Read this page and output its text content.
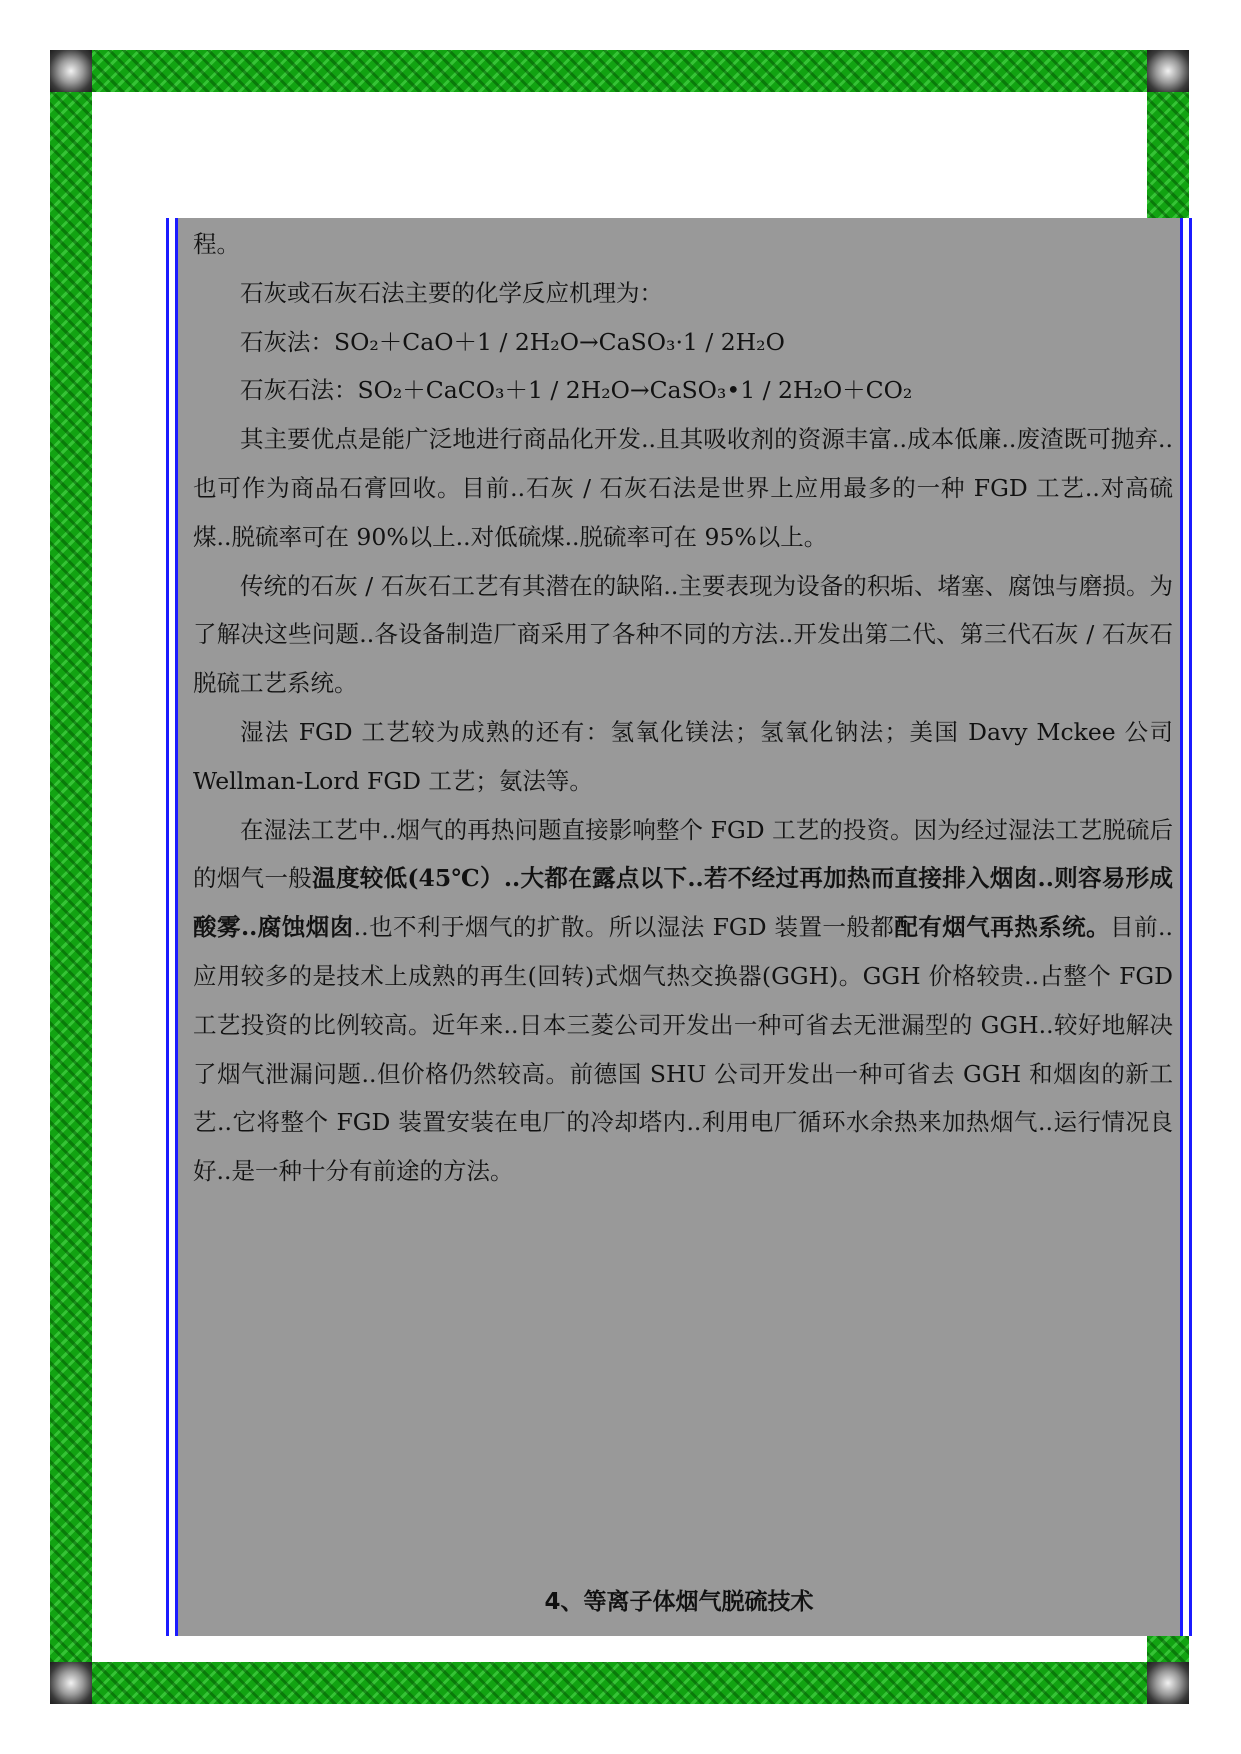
程。

石灰或石灰石法主要的化学反应机理为：

石灰法：SO₂＋CaO＋1 / 2H₂O→CaSO₃·1 / 2H₂O

石灰石法：SO₂＋CaCO₃＋1 / 2H₂O→CaSO₃•1 / 2H₂O＋CO₂

其主要优点是能广泛地进行商品化开发..且其吸收剂的资源丰富..成本低廉..废渣既可抛弃..也可作为商品石膏回收。目前..石灰 / 石灰石法是世界上应用最多的一种 FGD 工艺..对高硫煤..脱硫率可在 90%以上..对低硫煤..脱硫率可在 95%以上。

传统的石灰 / 石灰石工艺有其潜在的缺陷..主要表现为设备的积垢、堵塞、腐蚀与磨损。为了解决这些问题..各设备制造厂商采用了各种不同的方法..开发出第二代、第三代石灰 / 石灰石脱硫工艺系统。

湿法 FGD 工艺较为成熟的还有：氢氧化镁法；氢氧化钠法；美国 Davy Mckee 公司 Wellman-Lord FGD 工艺；氨法等。

在湿法工艺中..烟气的再热问题直接影响整个 FGD 工艺的投资。因为经过湿法工艺脱硫后的烟气一般温度较低(45℃）..大都在露点以下..若不经过再加热而直接排入烟囱..则容易形成酸雾..腐蚀烟囱..也不利于烟气的扩散。所以湿法 FGD 装置一般都配有烟气再热系统。目前..应用较多的是技术上成熟的再生(回转)式烟气热交换器(GGH)。GGH 价格较贵..占整个 FGD 工艺投资的比例较高。近年来..日本三菱公司开发出一种可省去无泄漏型的 GGH..较好地解决了烟气泄漏问题..但价格仍然较高。前德国 SHU 公司开发出一种可省去 GGH 和烟囱的新工艺..它将整个 FGD 装置安装在电厂的冷却塔内..利用电厂循环水余热来加热烟气..运行情况良好..是一种十分有前途的方法。

4、等离子体烟气脱硫技术
